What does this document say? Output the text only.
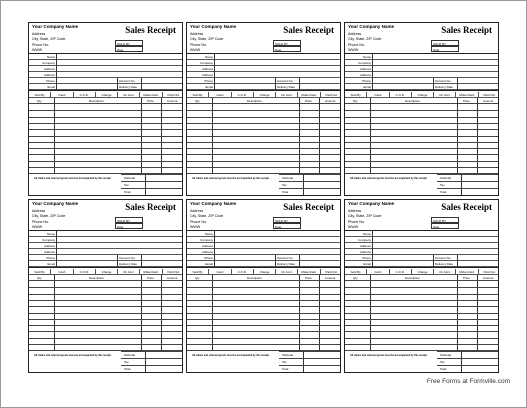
Your Company Name	Sales Receipt
Address
City, State, ZIP Code
Phone No.
WWW
SOLD BY
Date
Name
Company
Address
Address
Phone	Account No.
Email	Delivery Date
Sold By	Cash	C.O.D.	Charge	On Acct.	Mdse Retd.	Paid Out
Qty	Description	Price	Amount
All claims and returned goods must be accompanied by this receipt	Subtotal
Tax
Total
Your Company Name	Sales Receipt
Address
City, State, ZIP Code
Phone No.
WWW
SOLD BY
Date
Name
Company
Address
Address
Phone	Account No.
Email	Delivery Date
Sold By	Cash	C.O.D.	Charge	On Acct.	Mdse Retd.	Paid Out
Qty	Description	Price	Amount
All claims and returned goods must be accompanied by this receipt	Subtotal
Tax
Total
Your Company Name	Sales Receipt
Address
City, State, ZIP Code
Phone No.
WWW
SOLD BY
Date
Name
Company
Address
Address
Phone	Account No.
Email	Delivery Date
Sold By	Cash	C.O.D.	Charge	On Acct.	Mdse Retd.	Paid Out
Qty	Description	Price	Amount
All claims and returned goods must be accompanied by this receipt	Subtotal
Tax
Total
Your Company Name	Sales Receipt
Address
City, State, ZIP Code
Phone No.
WWW
SOLD BY
Date
Name
Company
Address
Address
Phone	Account No.
Email	Delivery Date
Sold By	Cash	C.O.D.	Charge	On Acct.	Mdse Retd.	Paid Out
Qty	Description	Price	Amount
All claims and returned goods must be accompanied by this receipt	Subtotal
Tax
Total
Your Company Name	Sales Receipt
Address
City, State, ZIP Code
Phone No.
WWW
SOLD BY
Date
Name
Company
Address
Address
Phone	Account No.
Email	Delivery Date
Sold By	Cash	C.O.D.	Charge	On Acct.	Mdse Retd.	Paid Out
Qty	Description	Price	Amount
All claims and returned goods must be accompanied by this receipt	Subtotal
Tax
Total
Your Company Name	Sales Receipt
Address
City, State, ZIP Code
Phone No.
WWW
SOLD BY
Date
Name
Company
Address
Address
Phone	Account No.
Email	Delivery Date
Sold By	Cash	C.O.D.	Charge	On Acct.	Mdse Retd.	Paid Out
Qty	Description	Price	Amount
All claims and returned goods must be accompanied by this receipt	Subtotal
Tax
Total
Free Forms at Formville.com
